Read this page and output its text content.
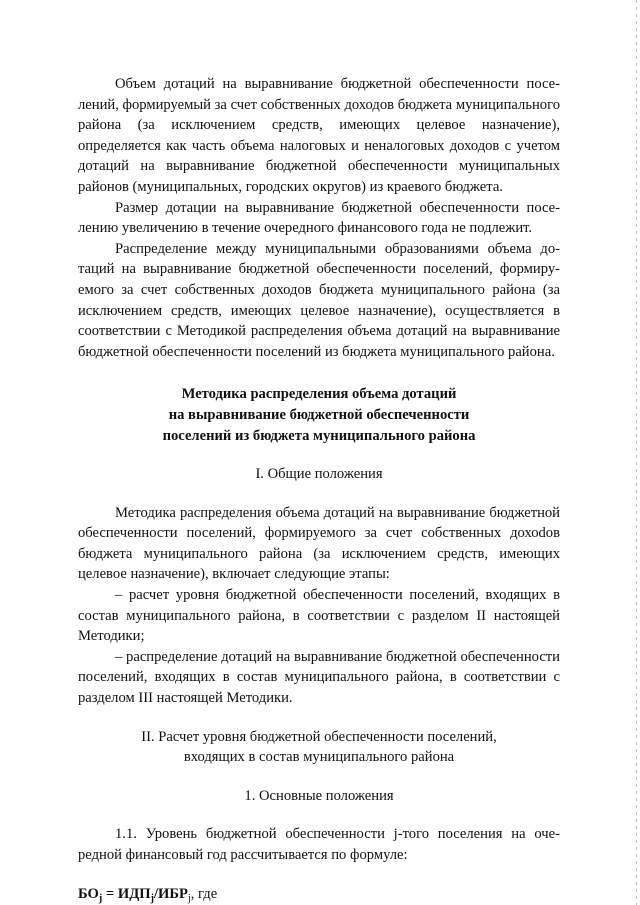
Объем дотаций на выравнивание бюджетной обеспеченности поселений, формируемый за счет собственных доходов бюджета муниципального района (за исключением средств, имеющих целевое назначение), определяется как часть объема налоговых и неналоговых доходов с учетом дотаций на выравнивание бюджетной обеспеченности муниципальных районов (муниципальных, городских округов) из краевого бюджета.

Размер дотации на выравнивание бюджетной обеспеченности поселению увеличению в течение очередного финансового года не подлежит.

Распределение между муниципальными образованиями объема дотаций на выравнивание бюджетной обеспеченности поселений, формируемого за счет собственных доходов бюджета муниципального района (за исключением средств, имеющих целевое назначение), осуществляется в соответствии с Методикой распределения объема дотаций на выравнивание бюджетной обеспеченности поселений из бюджета муниципального района.

Методика распределения объема дотаций

на выравнивание бюджетной обеспеченности

поселений из бюджета муниципального района

I. Общие положения

Методика распределения объема дотаций на выравнивание бюджетной обеспеченности поселений, формируемого за счет собственных дохоdов бюджета муниципального района (за исключением средств, имеющих целевое назначение), включает следующие этапы:

– расчет уровня бюджетной обеспеченности поселений, входящих в состав муниципального района, в соответствии с разделом II настоящей Методики;

– распределение дотаций на выравнивание бюджетной обеспеченности поселений, входящих в состав муниципального района, в соответствии с разделом III настоящей Методики.

II. Расчет уровня бюджетной обеспеченности поселений,

входящих в состав муниципального района

1. Основные положения

1.1. Уровень бюджетной обеспеченности j-того поселения на очередной финансовый год рассчитывается по формуле:

$БО_j = ИДП_j/ИБР_j$, где
